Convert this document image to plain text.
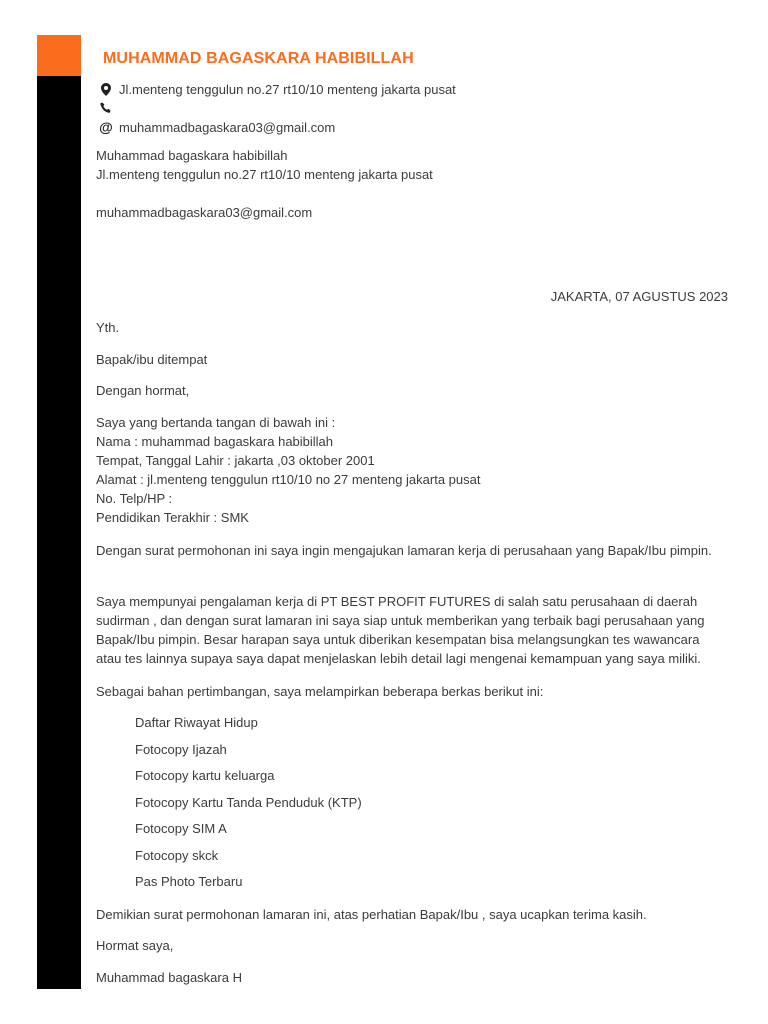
MUHAMMAD BAGASKARA HABIBILLAH
Jl.menteng tenggulun no.27 rt10/10 menteng jakarta pusat
@ muhammadbagaskara03@gmail.com
Muhammad bagaskara habibillah
Jl.menteng tenggulun no.27 rt10/10 menteng jakarta pusat
muhammadbagaskara03@gmail.com
JAKARTA, 07 AGUSTUS 2023
Yth.
Bapak/ibu ditempat
Dengan hormat,
Saya yang bertanda tangan di bawah ini :
Nama : muhammad bagaskara habibillah
Tempat, Tanggal Lahir : jakarta ,03 oktober 2001
Alamat : jl.menteng tenggulun rt10/10 no 27 menteng jakarta pusat
No. Telp/HP :
Pendidikan Terakhir : SMK
Dengan surat permohonan ini saya ingin mengajukan lamaran kerja di perusahaan yang Bapak/Ibu pimpin.
Saya mempunyai pengalaman kerja di PT BEST PROFIT FUTURES di salah satu perusahaan di daerah sudirman , dan dengan surat lamaran ini saya siap untuk memberikan yang terbaik bagi perusahaan yang Bapak/Ibu pimpin. Besar harapan saya untuk diberikan kesempatan bisa melangsungkan tes wawancara atau tes lainnya supaya saya dapat menjelaskan lebih detail lagi mengenai kemampuan yang saya miliki.
Sebagai bahan pertimbangan, saya melampirkan beberapa berkas berikut ini:
Daftar Riwayat Hidup
Fotocopy Ijazah
Fotocopy kartu keluarga
Fotocopy Kartu Tanda Penduduk (KTP)
Fotocopy SIM A
Fotocopy skck
Pas Photo Terbaru
Demikian surat permohonan lamaran ini, atas perhatian Bapak/Ibu , saya ucapkan terima kasih.
Hormat saya,
Muhammad bagaskara H
